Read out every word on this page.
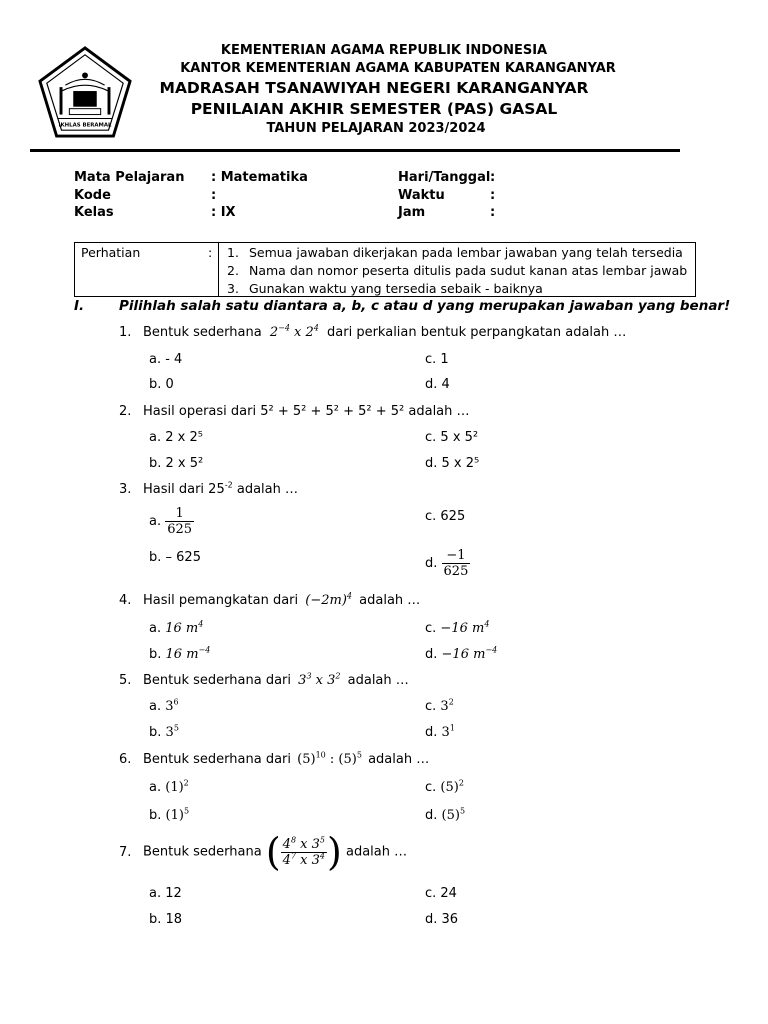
IKHLAS BERAMAL
KEMENTERIAN AGAMA REPUBLIK INDONESIA
KANTOR KEMENTERIAN AGAMA KABUPATEN KARANGANYAR
MADRASAH TSANAWIYAH NEGERI KARANGANYAR
PENILAIAN AKHIR SEMESTER (PAS) GASAL
TAHUN PELAJARAN 2023/2024
Mata Pelajaran : Matematika
Kode	:
Kelas	: IX
Hari/Tanggal :
Waktu	:
Jam	:
Perhatian	: 1. Semua jawaban dikerjakan pada lembar jawaban yang telah tersedia
2. Nama dan nomor peserta ditulis pada sudut kanan atas lembar jawab
3. Gunakan waktu yang tersedia sebaik - baiknya
I.	Pilihlah salah satu diantara a, b, c atau d yang merupakan jawaban yang benar!
1. Bentuk sederhana $2^{-4}$ x $2^4$ dari perkalian bentuk perpangkatan adalah …
a. - 4	c. 1
b. 0	d. 4
2. Hasil operasi dari 5² + 5² + 5² + 5² + 5² adalah …
a. 2 x 2⁵	c. 5 x 5²
b. 2 x 5²	d. 5 x 2⁵
3. Hasil dari $25^{-2}$ adalah …
a. $\frac{1}{625}$	c. 625
b. – 625	d. $\frac{-1}{625}$
4. Hasil pemangkatan dari $(-2m)^4$ adalah …
a. 16 $m^4$	c. −16 $m^4$
b. 16 $m^{-4}$	d. −16 $m^{-4}$
5. Bentuk sederhana dari $3^3$ x $3^2$ adalah …
a. $3^6$	c. $3^2$
b. $3^5$	d. $3^1$
6. Bentuk sederhana dari $(5)^{10}$ : $(5)^5$ adalah …
a. $(1)^2$	c. $(5)^2$
b. $(1)^5$	d. $(5)^5$
7. Bentuk sederhana ( $\frac{4^8 x 3^5}{4^7 x 3^4}$ ) adalah …
a. 12	c. 24
b. 18	d. 36
